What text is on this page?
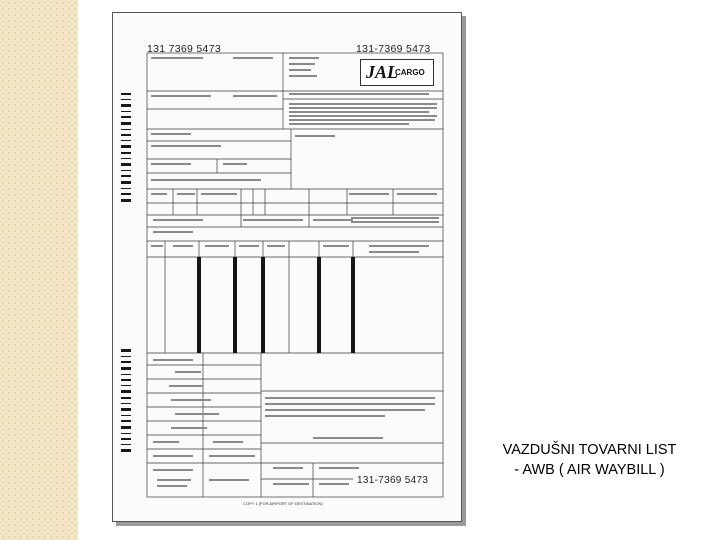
131 7369 5473	131-7369 5473
JAL
CARGO
131-7369 5473
COPY 1 (FOR AIRPORT OF DESTINATION)
VAZDUŠNI TOVARNI LIST
- AWB ( AIR WAYBILL )
